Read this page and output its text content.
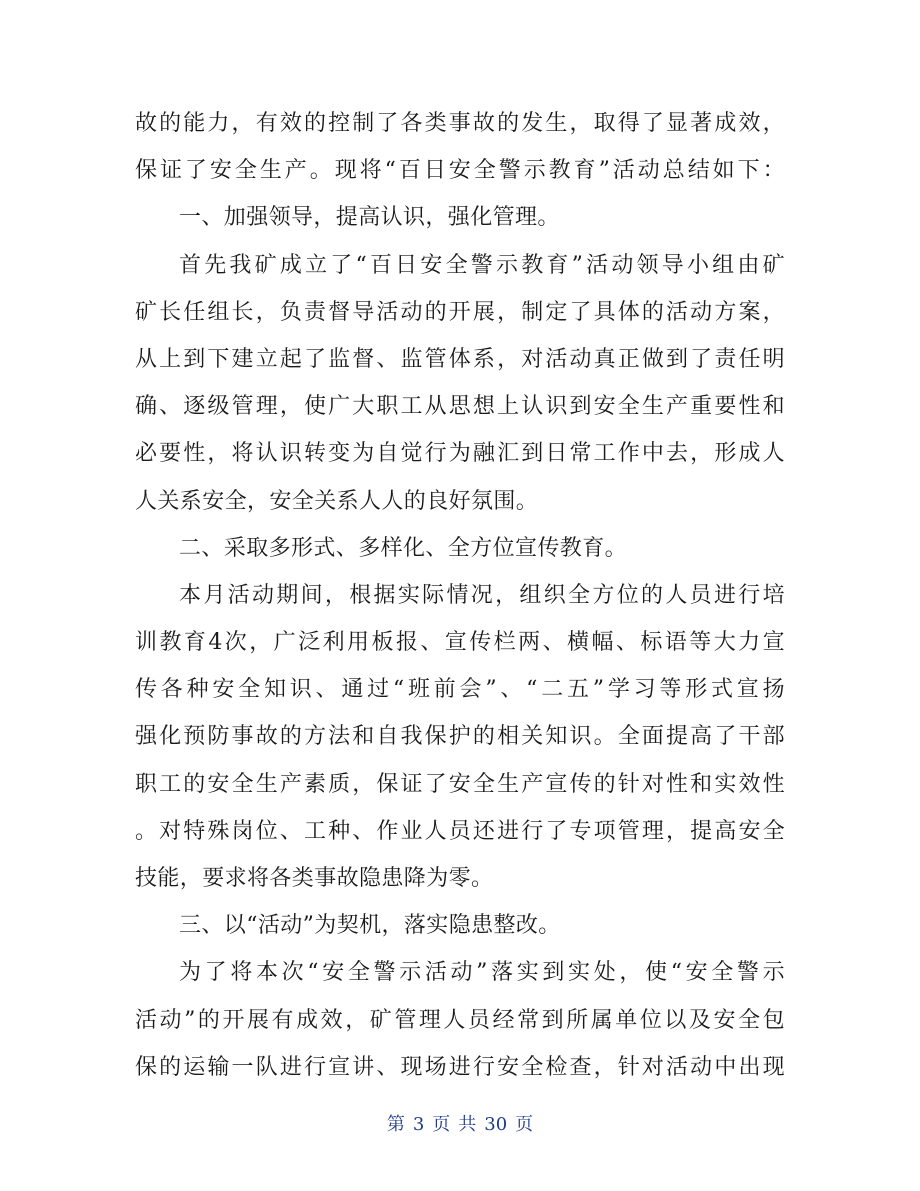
故的能力，有效的控制了各类事故的发生，取得了显著成效，
保证了安全生产。现将“百日安全警示教育”活动总结如下：
一、加强领导，提高认识，强化管理。
首先我矿成立了“百日安全警示教育”活动领导小组由矿
矿长任组长，负责督导活动的开展，制定了具体的活动方案，
从上到下建立起了监督、监管体系，对活动真正做到了责任明
确、逐级管理，使广大职工从思想上认识到安全生产重要性和
必要性，将认识转变为自觉行为融汇到日常工作中去，形成人
人关系安全，安全关系人人的良好氛围。
二、采取多形式、多样化、全方位宣传教育。
本月活动期间，根据实际情况，组织全方位的人员进行培
训教育4次，广泛利用板报、宣传栏两、横幅、标语等大力宣
传各种安全知识、通过“班前会”、“二五”学习等形式宣扬
强化预防事故的方法和自我保护的相关知识。全面提高了干部
职工的安全生产素质，保证了安全生产宣传的针对性和实效性
。对特殊岗位、工种、作业人员还进行了专项管理，提高安全
技能，要求将各类事故隐患降为零。
三、以“活动”为契机，落实隐患整改。
为了将本次“安全警示活动”落实到实处，使“安全警示
活动”的开展有成效，矿管理人员经常到所属单位以及安全包
保的运输一队进行宣讲、现场进行安全检查，针对活动中出现
第 3 页 共 30 页
